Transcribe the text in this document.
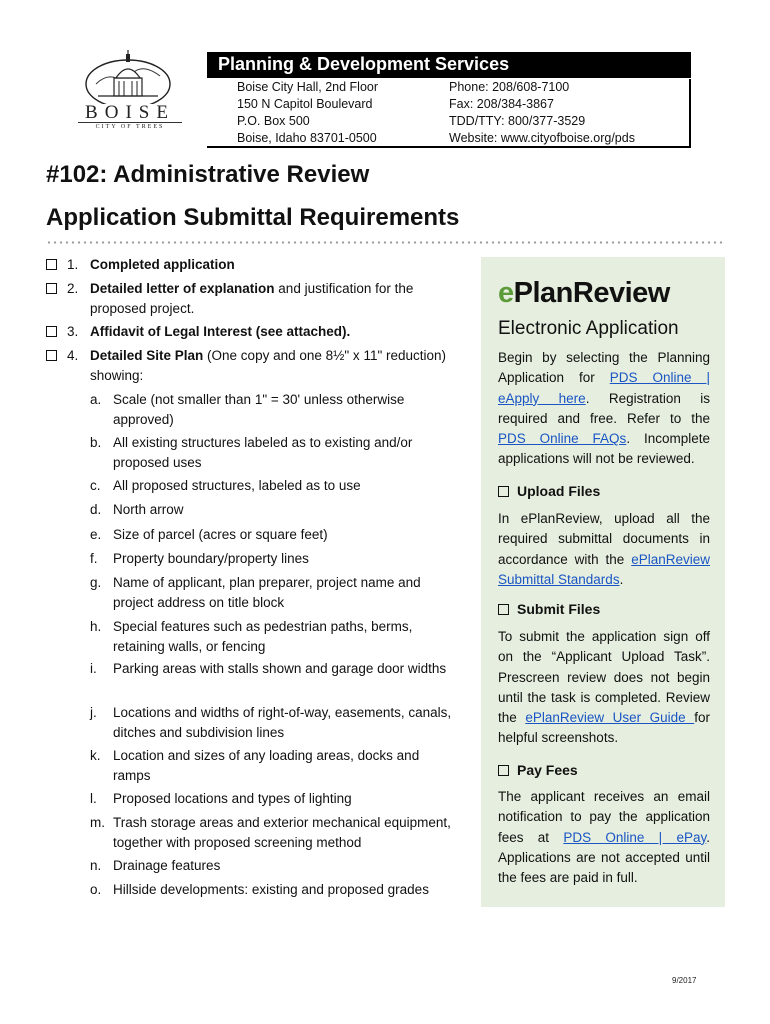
BOISE
CITY OF TREES
Planning & Development Services
Boise City Hall, 2nd Floor
150 N Capitol Boulevard
P.O. Box 500
Boise, Idaho 83701-0500
Phone: 208/608-7100
Fax: 208/384-3867
TDD/TTY: 800/377-3529
Website: www.cityofboise.org/pds
#102: Administrative Review
Application Submittal Requirements
1. Completed application
2. Detailed letter of explanation and justification for the proposed project.
3. Affidavit of Legal Interest (see attached).
4. Detailed Site Plan (One copy and one 8½" x 11" reduction) showing:
a. Scale (not smaller than 1" = 30' unless otherwise approved)
b. All existing structures labeled as to existing and/or proposed uses
c. All proposed structures, labeled as to use
d. North arrow
e. Size of parcel (acres or square feet)
f. Property boundary/property lines
g. Name of applicant, plan preparer, project name and project address on title block
h. Special features such as pedestrian paths, berms, retaining walls, or fencing
i. Parking areas with stalls shown and garage door widths
j. Locations and widths of right-of-way, easements, canals, ditches and subdivision lines
k. Location and sizes of any loading areas, docks and ramps
l. Proposed locations and types of lighting
m. Trash storage areas and exterior mechanical equipment, together with proposed screening method
n. Drainage features
o. Hillside developments: existing and proposed grades
ePlanReview
Electronic Application
Begin by selecting the Planning Application for PDS Online | eApply here. Registration is required and free. Refer to the PDS Online FAQs. Incomplete applications will not be reviewed.
Upload Files
In ePlanReview, upload all the required submittal documents in accordance with the ePlanReview Submittal Standards.
Submit Files
To submit the application sign off on the “Applicant Upload Task”. Prescreen review does not begin until the task is completed. Review the ePlanReview User Guide for helpful screenshots.
Pay Fees
The applicant receives an email notification to pay the application fees at PDS Online | ePay. Applications are not accepted until the fees are paid in full.
9/2017
